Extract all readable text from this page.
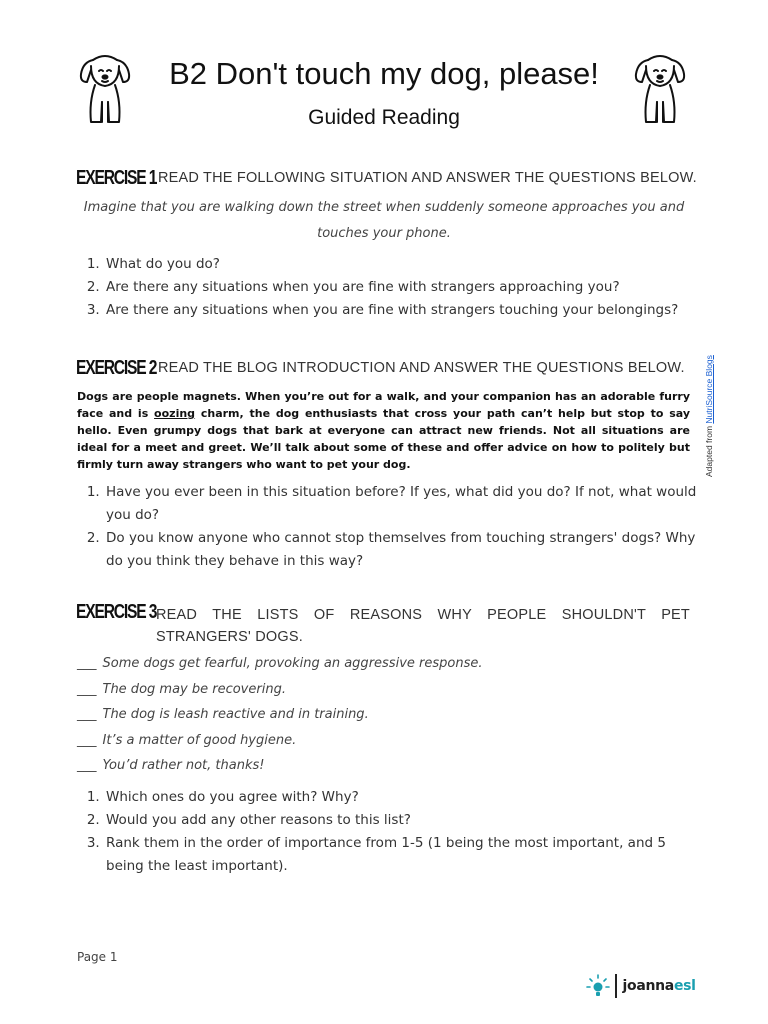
B2 Don't touch my dog, please!
Guided Reading
EXERCISE 1 READ THE FOLLOWING SITUATION AND ANSWER THE QUESTIONS BELOW.
Imagine that you are walking down the street when suddenly someone approaches you and
touches your phone.
1. What do you do?
2. Are there any situations when you are fine with strangers approaching you?
3. Are there any situations when you are fine with strangers touching your belongings?
EXERCISE 2 READ THE BLOG INTRODUCTION AND ANSWER THE QUESTIONS BELOW.
Dogs are people magnets. When you’re out for a walk, and your companion has an adorable furry face and is oozing charm, the dog enthusiasts that cross your path can’t help but stop to say hello. Even grumpy dogs that bark at everyone can attract new friends. Not all situations are ideal for a meet and greet. We’ll talk about some of these and offer advice on how to politely but firmly turn away strangers who want to pet your dog.	Adapted from NutriSource Blogs
1. Have you ever been in this situation before? If yes, what did you do? If not, what would you do?
2. Do you know anyone who cannot stop themselves from touching strangers' dogs? Why do you think they behave in this way?
EXERCISE 3 READ THE LISTS OF REASONS WHY PEOPLE SHOULDN'T PET STRANGERS' DOGS.
___ Some dogs get fearful, provoking an aggressive response.
___ The dog may be recovering.
___ The dog is leash reactive and in training.
___ It’s a matter of good hygiene.
___ You’d rather not, thanks!
1. Which ones do you agree with? Why?
2. Would you add any other reasons to this list?
3. Rank them in the order of importance from 1-5 (1 being the most important, and 5 being the least important).
Page 1
joannaesl
